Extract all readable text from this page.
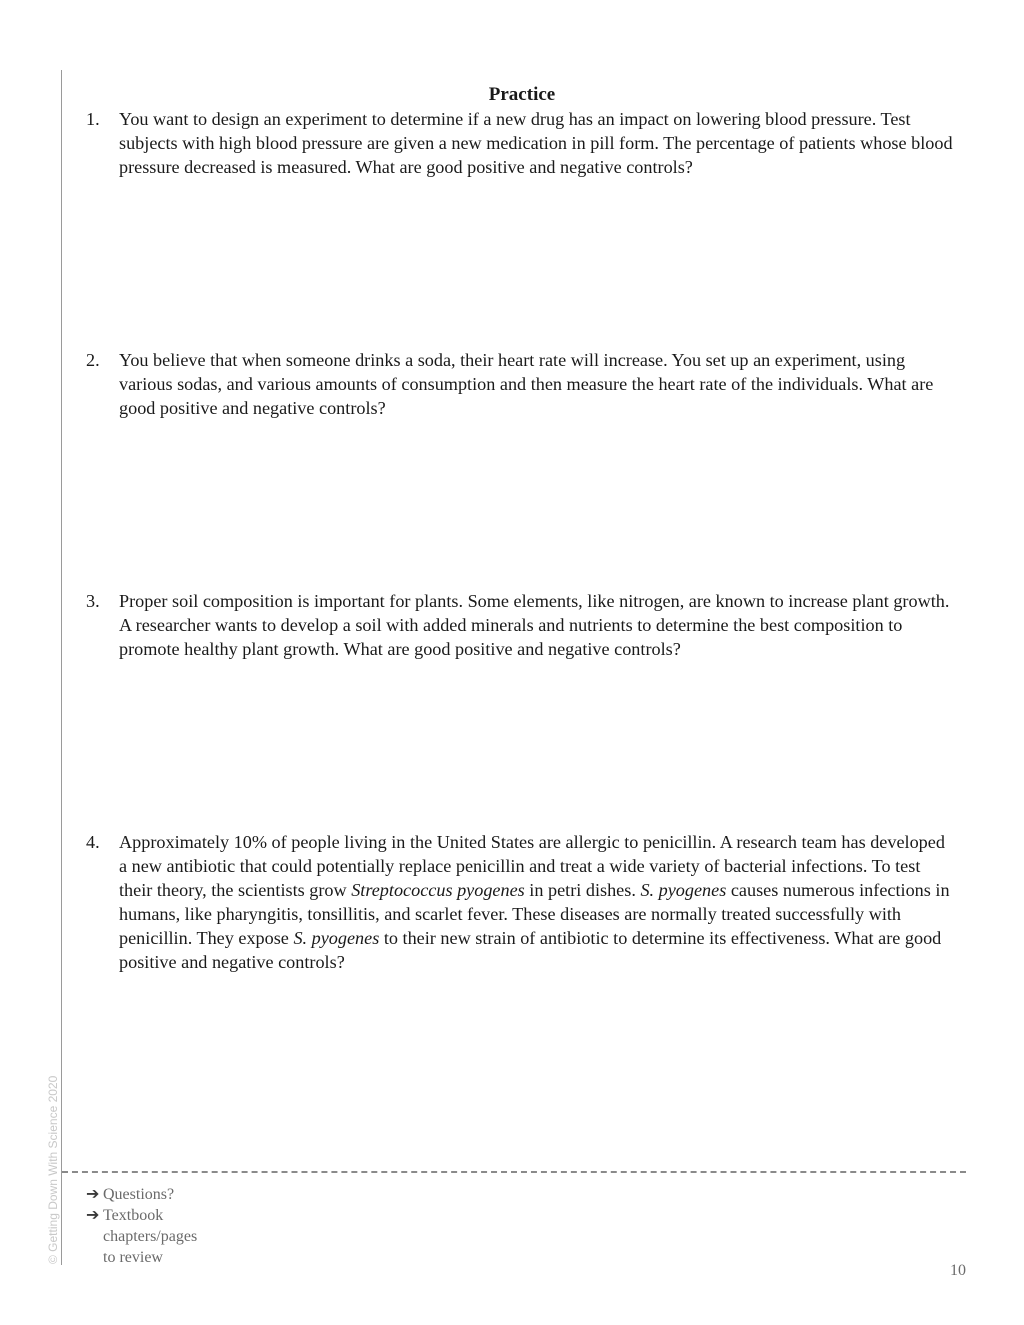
© Getting Down With Science 2020
Practice
1. You want to design an experiment to determine if a new drug has an impact on lowering blood pressure. Test subjects with high blood pressure are given a new medication in pill form. The percentage of patients whose blood pressure decreased is measured. What are good positive and negative controls?
2. You believe that when someone drinks a soda, their heart rate will increase. You set up an experiment, using various sodas, and various amounts of consumption and then measure the heart rate of the individuals. What are good positive and negative controls?
3. Proper soil composition is important for plants. Some elements, like nitrogen, are known to increase plant growth. A researcher wants to develop a soil with added minerals and nutrients to determine the best composition to promote healthy plant growth. What are good positive and negative controls?
4. Approximately 10% of people living in the United States are allergic to penicillin. A research team has developed a new antibiotic that could potentially replace penicillin and treat a wide variety of bacterial infections. To test their theory, the scientists grow Streptococcus pyogenes in petri dishes. S. pyogenes causes numerous infections in humans, like pharyngitis, tonsillitis, and scarlet fever. These diseases are normally treated successfully with penicillin. They expose S. pyogenes to their new strain of antibiotic to determine its effectiveness. What are good positive and negative controls?
➔ Questions?
➔ Textbook chapters/pages to review
10
